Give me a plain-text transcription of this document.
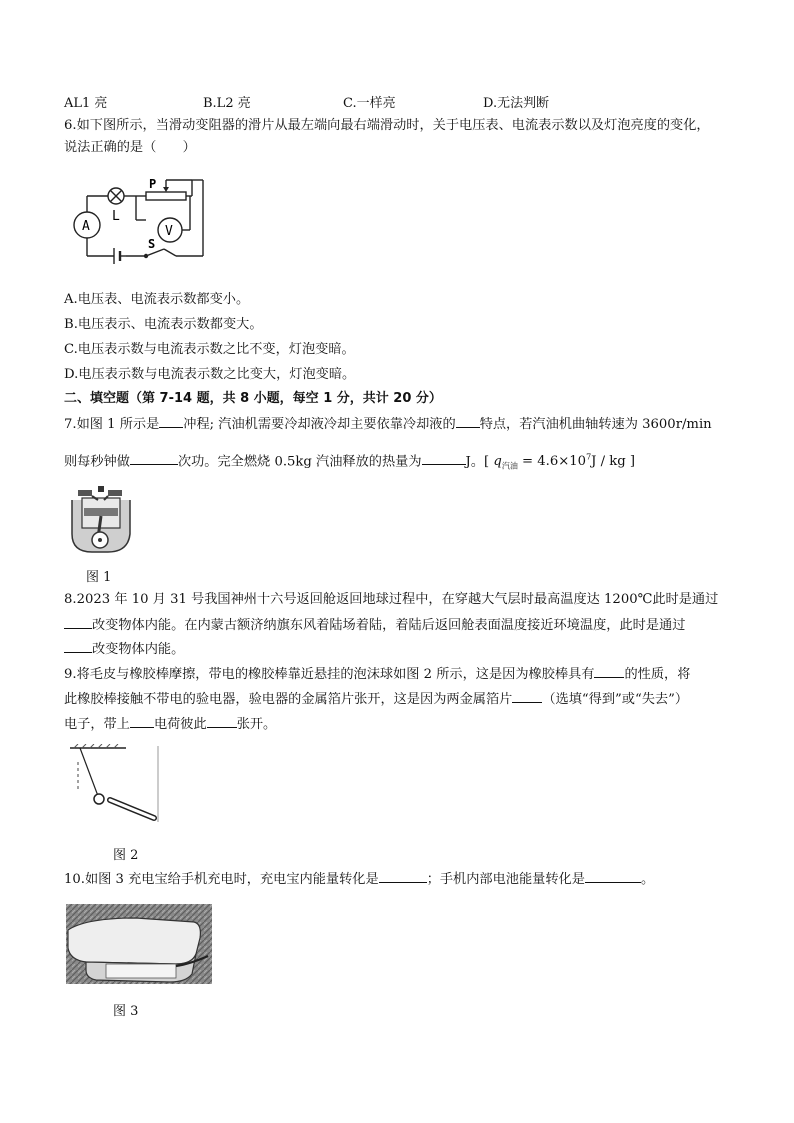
AL1 亮	B.L2 亮	C.一样亮	D.无法判断
6.如下图所示，当滑动变阻器的滑片从最左端向最右端滑动时，关于电压表、电流表示数以及灯泡亮度的变化，
说法正确的是（　　）
A
L
P
V
S
A.电压表、电流表示数都变小。
B.电压表示、电流表示数都变大。
C.电压表示数与电流表示数之比不变，灯泡变暗。
D.电压表示数与电流表示数之比变大，灯泡变暗。
二、填空题（第 7-14 题，共 8 小题，每空 1 分，共计 20 分）
7.如图 1 所示是 冲程; 汽油机需要冷却液冷却主要依靠冷却液的 特点，若汽油机曲轴转速为 3600r/min
则每秒钟做	次功。完全燃烧 0.5kg 汽油释放的热量为	J。[ $q_{汽油} = 4.6\times 10^7J$ / kg ]
图 1
8.2023 年 10 月 31 号我国神州十六号返回舱返回地球过程中，在穿越大气层时最高温度达 1200℃此时是通过
改变物体内能。在内蒙古额济纳旗东风着陆场着陆，着陆后返回舱表面温度接近环境温度，此时是通过
改变物体内能。
9.将毛皮与橡胶棒摩擦，带电的橡胶棒靠近悬挂的泡沫球如图 2 所示，这是因为橡胶棒具有 的性质，将
此橡胶棒接触不带电的验电器，验电器的金属箔片张开，这是因为两金属箔片 （选填“得到”或“失去”）
电子，带上 电荷彼此 张开。
图 2
10.如图 3 充电宝给手机充电时，充电宝内能量转化是	；手机内部电池能量转化是	。
图 3
